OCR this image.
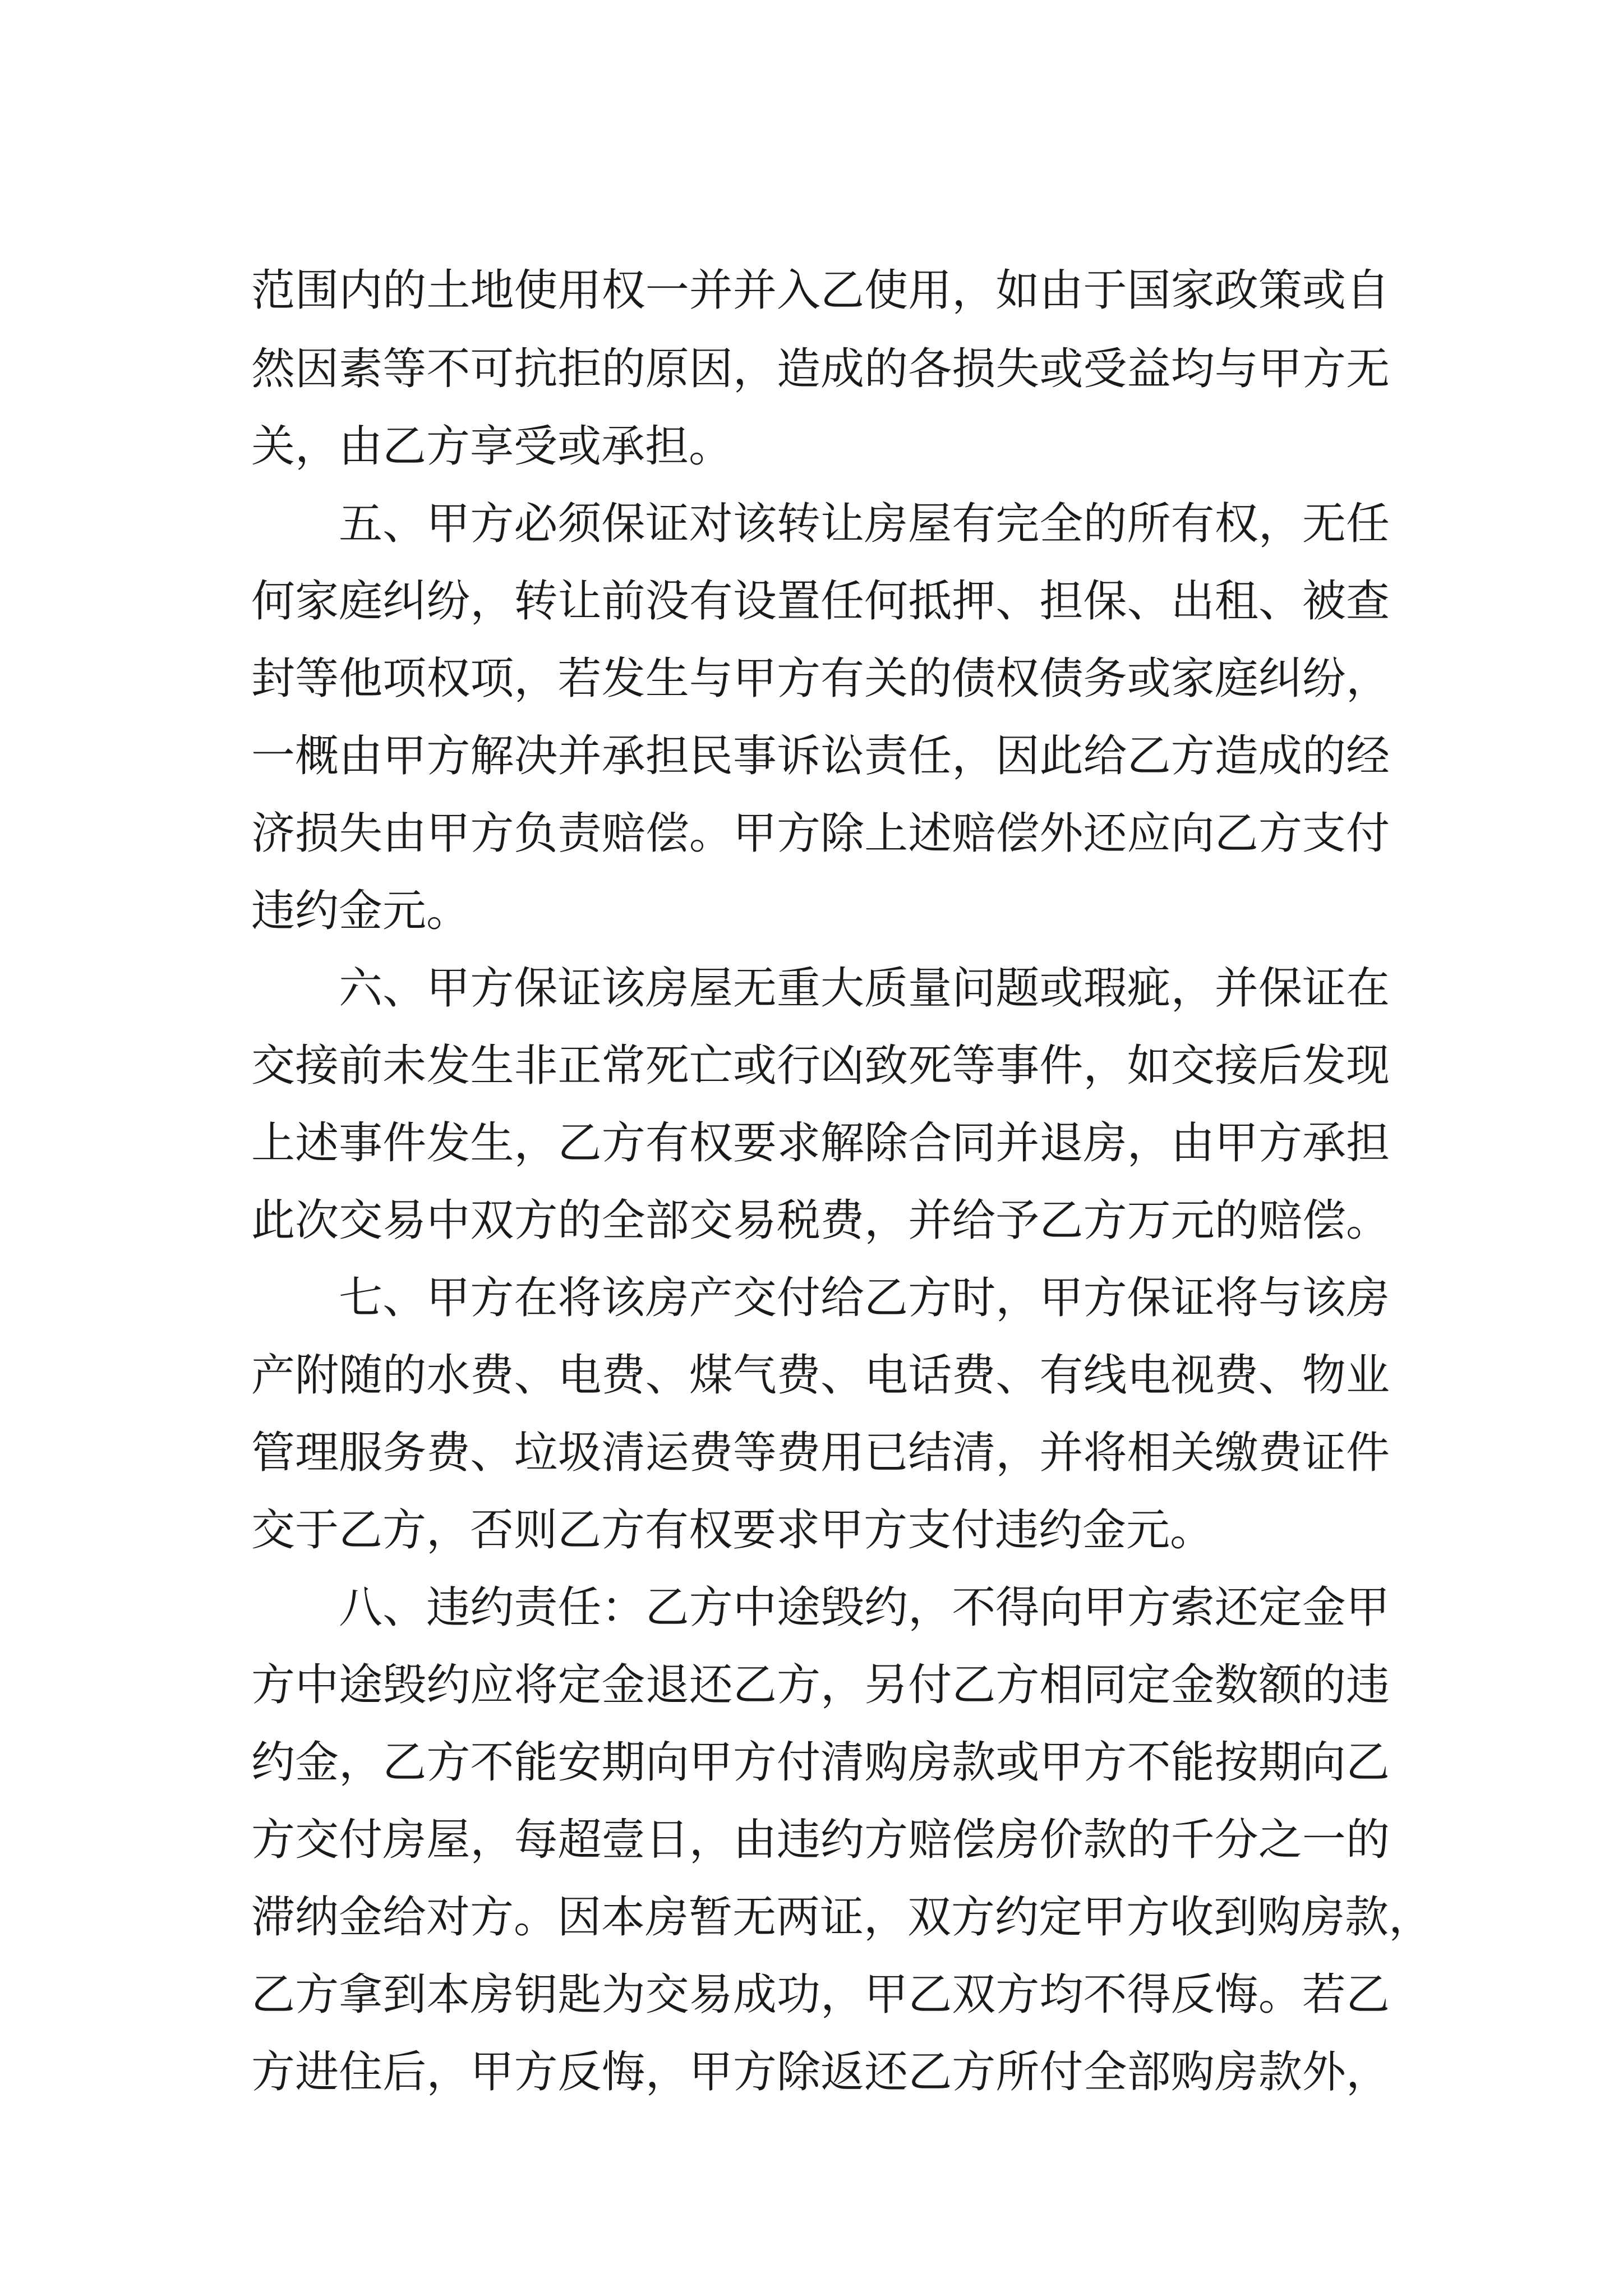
范围内的土地使用权一并并入乙使用，如由于国家政策或自

然因素等不可抗拒的原因，造成的各损失或受益均与甲方无

关，由乙方享受或承担。

五、甲方必须保证对该转让房屋有完全的所有权，无任

何家庭纠纷，转让前没有设置任何抵押、担保、出租、被查

封等他项权项，若发生与甲方有关的债权债务或家庭纠纷，

一概由甲方解决并承担民事诉讼责任，因此给乙方造成的经

济损失由甲方负责赔偿。甲方除上述赔偿外还应向乙方支付

违约金元。

六、甲方保证该房屋无重大质量问题或瑕疵，并保证在

交接前未发生非正常死亡或行凶致死等事件，如交接后发现

上述事件发生，乙方有权要求解除合同并退房，由甲方承担

此次交易中双方的全部交易税费，并给予乙方万元的赔偿。

七、甲方在将该房产交付给乙方时，甲方保证将与该房

产附随的水费、电费、煤气费、电话费、有线电视费、物业

管理服务费、垃圾清运费等费用已结清，并将相关缴费证件

交于乙方，否则乙方有权要求甲方支付违约金元。

八、违约责任：乙方中途毁约，不得向甲方索还定金甲

方中途毁约应将定金退还乙方，另付乙方相同定金数额的违

约金，乙方不能安期向甲方付清购房款或甲方不能按期向乙

方交付房屋，每超壹日，由违约方赔偿房价款的千分之一的

滞纳金给对方。因本房暂无两证，双方约定甲方收到购房款，

乙方拿到本房钥匙为交易成功，甲乙双方均不得反悔。若乙

方进住后，甲方反悔，甲方除返还乙方所付全部购房款外，
